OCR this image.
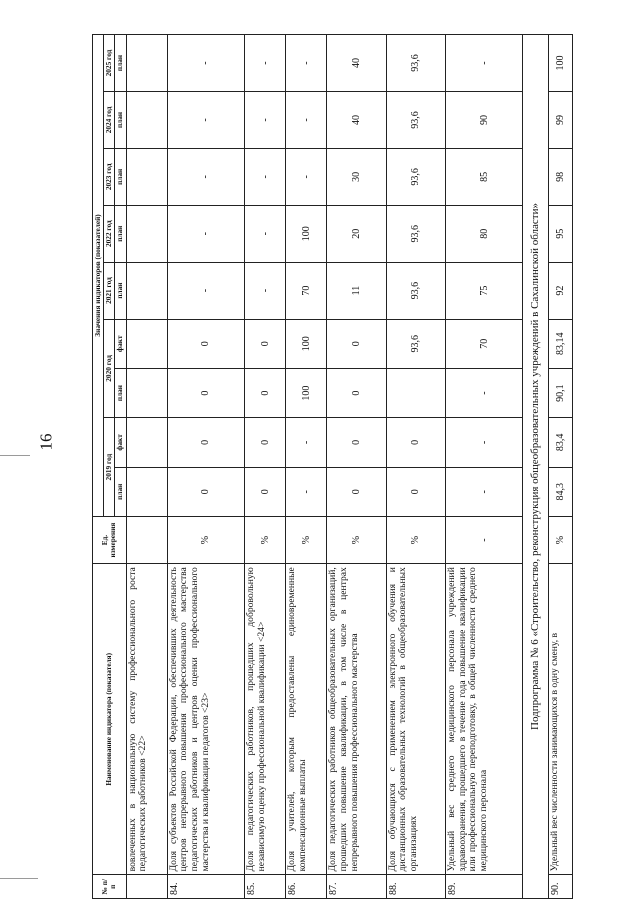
16
№ п/п	Наименование индикатора (показателя)	Ед. измерения	Значения индикаторов (показателей)								
			2019 год		2020 год		2021 год	2022 год	2023 год	2024 год	2025 год
			план	факт	план	факт	план	план	план	план	план
	вовлеченных в национальную систему профессионального роста педагогических работников <22>										
84.	Доля субъектов Российской Федерации, обеспечивших деятельность центров непрерывного повышения профессионального мастерства педагогических работников и центров оценки профессионального мастерства и квалификации педагогов <23>	%	0	0	0	0	-	-	-	-	-
85.	Доля педагогических работников, прошедших добровольную независимую оценку профессиональной квалификации <24>	%	0	0	0	0	-	-	-	-	-
86.	Доля учителей, которым предоставлены единовременные компенсационные выплаты	%	-	-	100	100	70	100	-	-	-
87.	Доля педагогических работников общеобразовательных организаций, прошедших повышение квалификации, в том числе в центрах непрерывного повышения профессионального мастерства	%	0	0	0	0	11	20	30	40	40
88.	Доля обучающихся с применением электронного обучения и дистанционных образовательных технологий в общеобразовательных организациях	%	0	0		93,6	93,6	93,6	93,6	93,6	93,6
89.	Удельный вес среднего медицинского персонала учреждений здравоохранения, прошедшего в течение года повышение квалификации или профессиональную переподготовку, в общей численности среднего медицинского персонала	-	-	-	-	70	75	80	85	90	-
Подпрограмма № 6 «Строительство, реконструкция общеобразовательных учреждений в Сахалинской области»											
90.	Удельный вес численности занимающихся в одну смену, в	%	84,3	83,4	90,1	83,14	92	95	98	99	100
